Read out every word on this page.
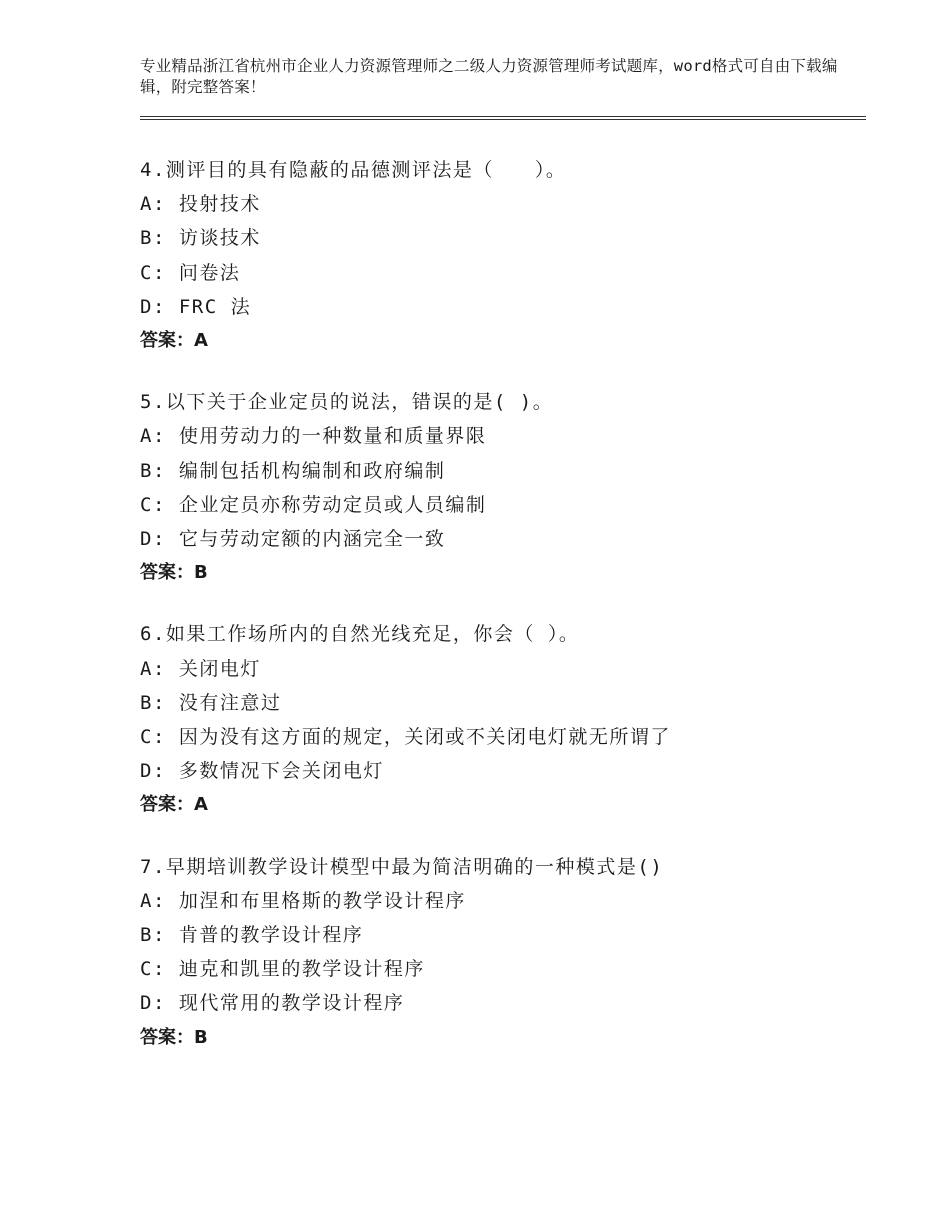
专业精品浙江省杭州市企业人力资源管理师之二级人力资源管理师考试题库，word格式可自由下载编辑，附完整答案！

4.测评目的具有隐蔽的品德测评法是（　　）。

A: 投射技术

B: 访谈技术

C: 问卷法

D: FRC 法

答案：A

5.以下关于企业定员的说法，错误的是( )。

A: 使用劳动力的一种数量和质量界限

B: 编制包括机构编制和政府编制

C: 企业定员亦称劳动定员或人员编制

D: 它与劳动定额的内涵完全一致

答案：B

6.如果工作场所内的自然光线充足，你会（ ）。

A: 关闭电灯

B: 没有注意过

C: 因为没有这方面的规定，关闭或不关闭电灯就无所谓了

D: 多数情况下会关闭电灯

答案：A

7.早期培训教学设计模型中最为简洁明确的一种模式是()

A: 加涅和布里格斯的教学设计程序

B: 肯普的教学设计程序

C: 迪克和凯里的教学设计程序

D: 现代常用的教学设计程序

答案：B
